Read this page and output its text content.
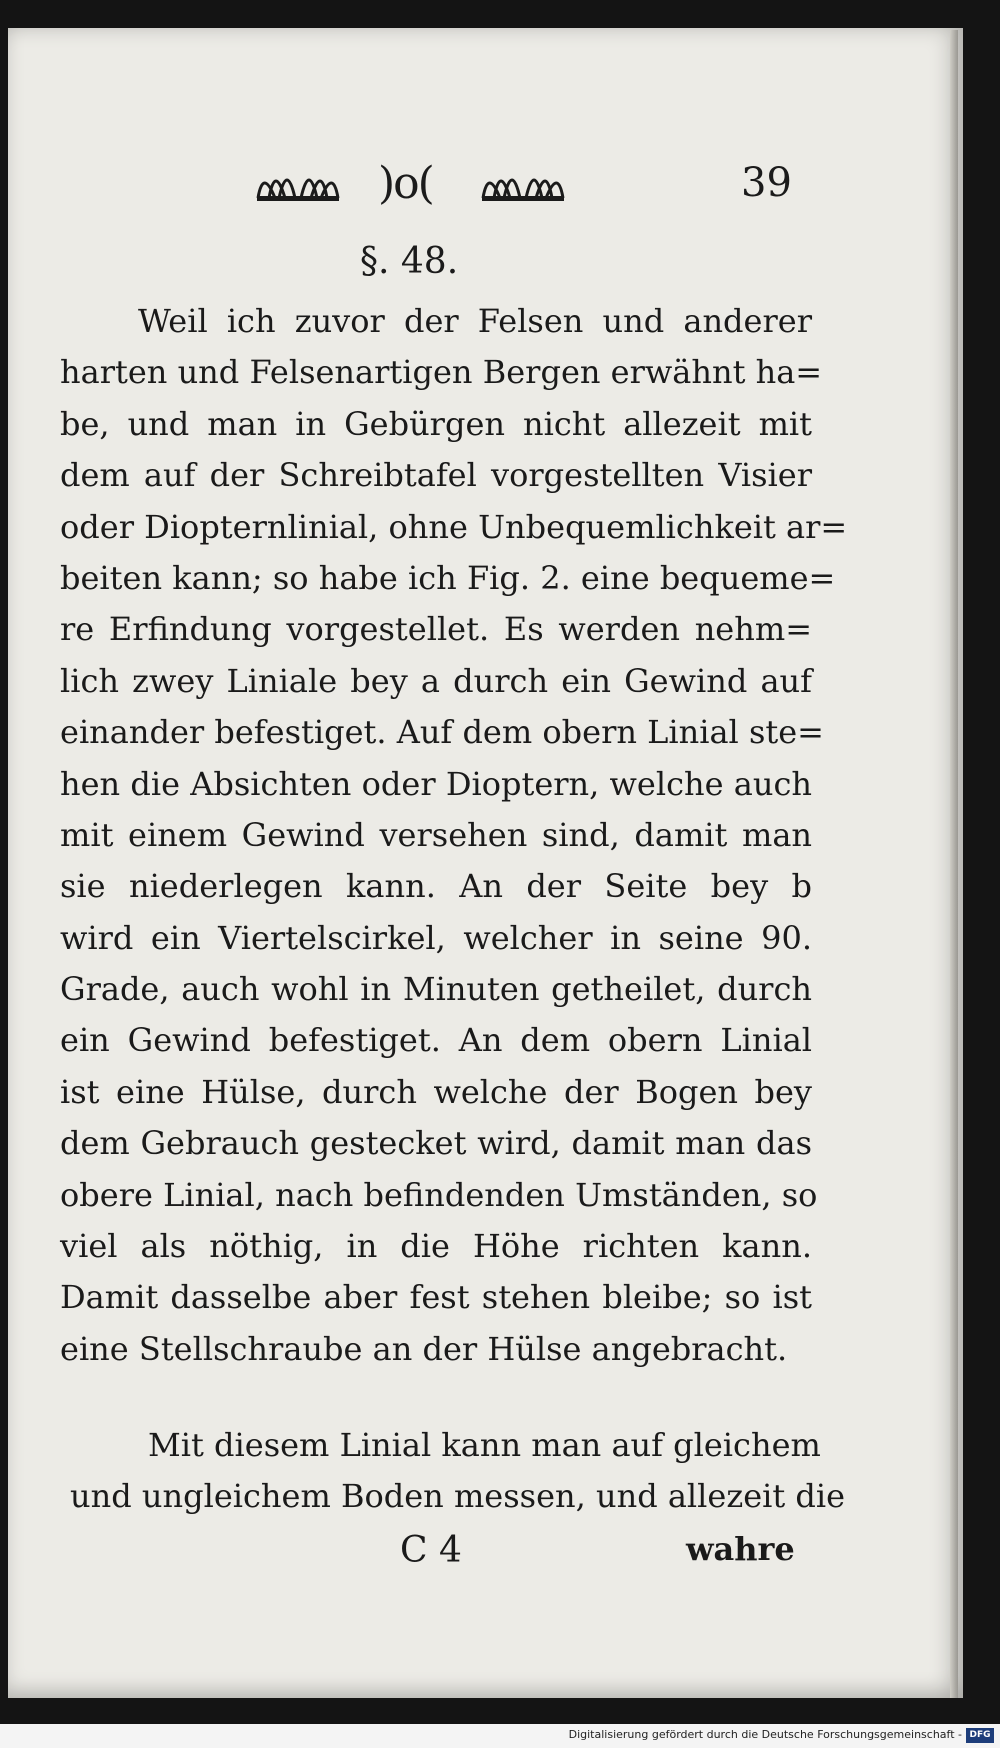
)o(	39
§. 48.
Weil ich zuvor der Felsen und anderer
harten und Felsenartigen Bergen erwähnt ha=
be, und man in Gebürgen nicht allezeit mit
dem auf der Schreibtafel vorgestellten Visier
oder Diopternlinial, ohne Unbequemlichkeit ar=
beiten kann; so habe ich Fig. 2. eine bequeme=
re Erfindung vorgestellet. Es werden nehm=
lich zwey Liniale bey a durch ein Gewind auf
einander befestiget. Auf dem obern Linial ste=
hen die Absichten oder Dioptern, welche auch
mit einem Gewind versehen sind, damit man
sie niederlegen kann. An der Seite bey b
wird ein Viertelscirkel, welcher in seine 90.
Grade, auch wohl in Minuten getheilet, durch
ein Gewind befestiget. An dem obern Linial
ist eine Hülse, durch welche der Bogen bey
dem Gebrauch gestecket wird, damit man das
obere Linial, nach befindenden Umständen, so
viel als nöthig, in die Höhe richten kann.
Damit dasselbe aber fest stehen bleibe; so ist
eine Stellschraube an der Hülse angebracht.
Mit diesem Linial kann man auf gleichem
und ungleichem Boden messen, und allezeit die
C 4	wahre
Digitalisierung gefördert durch die Deutsche Forschungsgemeinschaft - DFG
